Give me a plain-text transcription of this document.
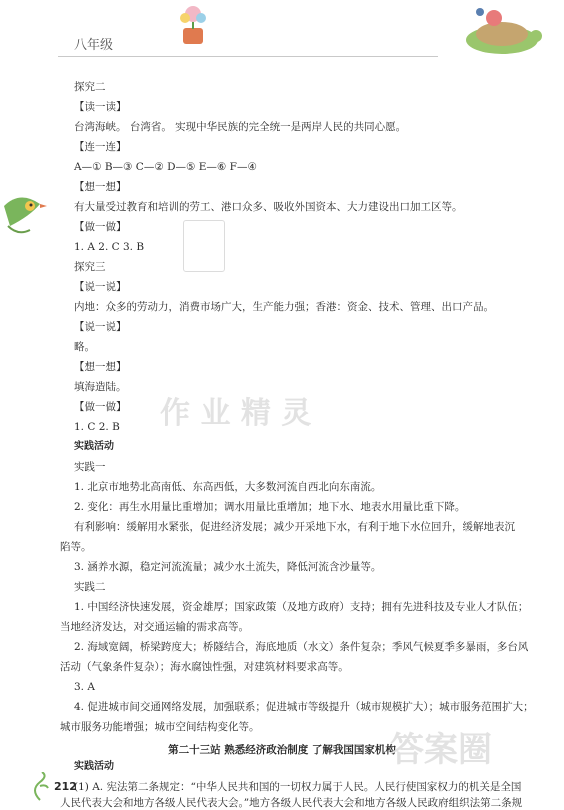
八年级
探究二
【读一读】
台湾海峡。 台湾省。 实现中华民族的完全统一是两岸人民的共同心愿。
【连一连】
A—① B—③ C—② D—⑤ E—⑥ F—④
【想一想】
有大量受过教育和培训的劳工、港口众多、吸收外国资本、大力建设出口加工区等。
【做一做】
1. A 2. C 3. B
探究三
【说一说】
内地：众多的劳动力，消费市场广大，生产能力强；香港：资金、技术、管理、出口产品。
【说一说】
略。
【想一想】
填海造陆。
【做一做】
1. C 2. B
实践活动
实践一
1. 北京市地势北高南低、东高西低，大多数河流自西北向东南流。
2. 变化：再生水用量比重增加；调水用量比重增加；地下水、地表水用量比重下降。
有利影响：缓解用水紧张，促进经济发展；减少开采地下水，有利于地下水位回升，缓解地表沉
陷等。
3. 涵养水源，稳定河流流量；减少水土流失，降低河流含沙量等。
实践二
1. 中国经济快速发展，资金雄厚；国家政策（及地方政府）支持；拥有先进科技及专业人才队伍；
当地经济发达，对交通运输的需求高等。
2. 海域宽阔，桥梁跨度大；桥隧结合，海底地质（水文）条件复杂；季风气候夏季多暴雨，多台风
活动（气象条件复杂）；海水腐蚀性强，对建筑材料要求高等。
3. A
4. 促进城市间交通网络发展，加强联系；促进城市等级提升（城市规模扩大）；城市服务范围扩大；
城市服务功能增强；城市空间结构变化等。
实践活动
(1) A. 宪法第二条规定：“中华人民共和国的一切权力属于人民。人民行使国家权力的机关是全国
人民代表大会和地方各级人民代表大会。”地方各级人民代表大会和地方各级人民政府组织法第二条规
第二十三站 熟悉经济政治制度 了解我国国家机构
212
作 业 精 灵
答案圈
